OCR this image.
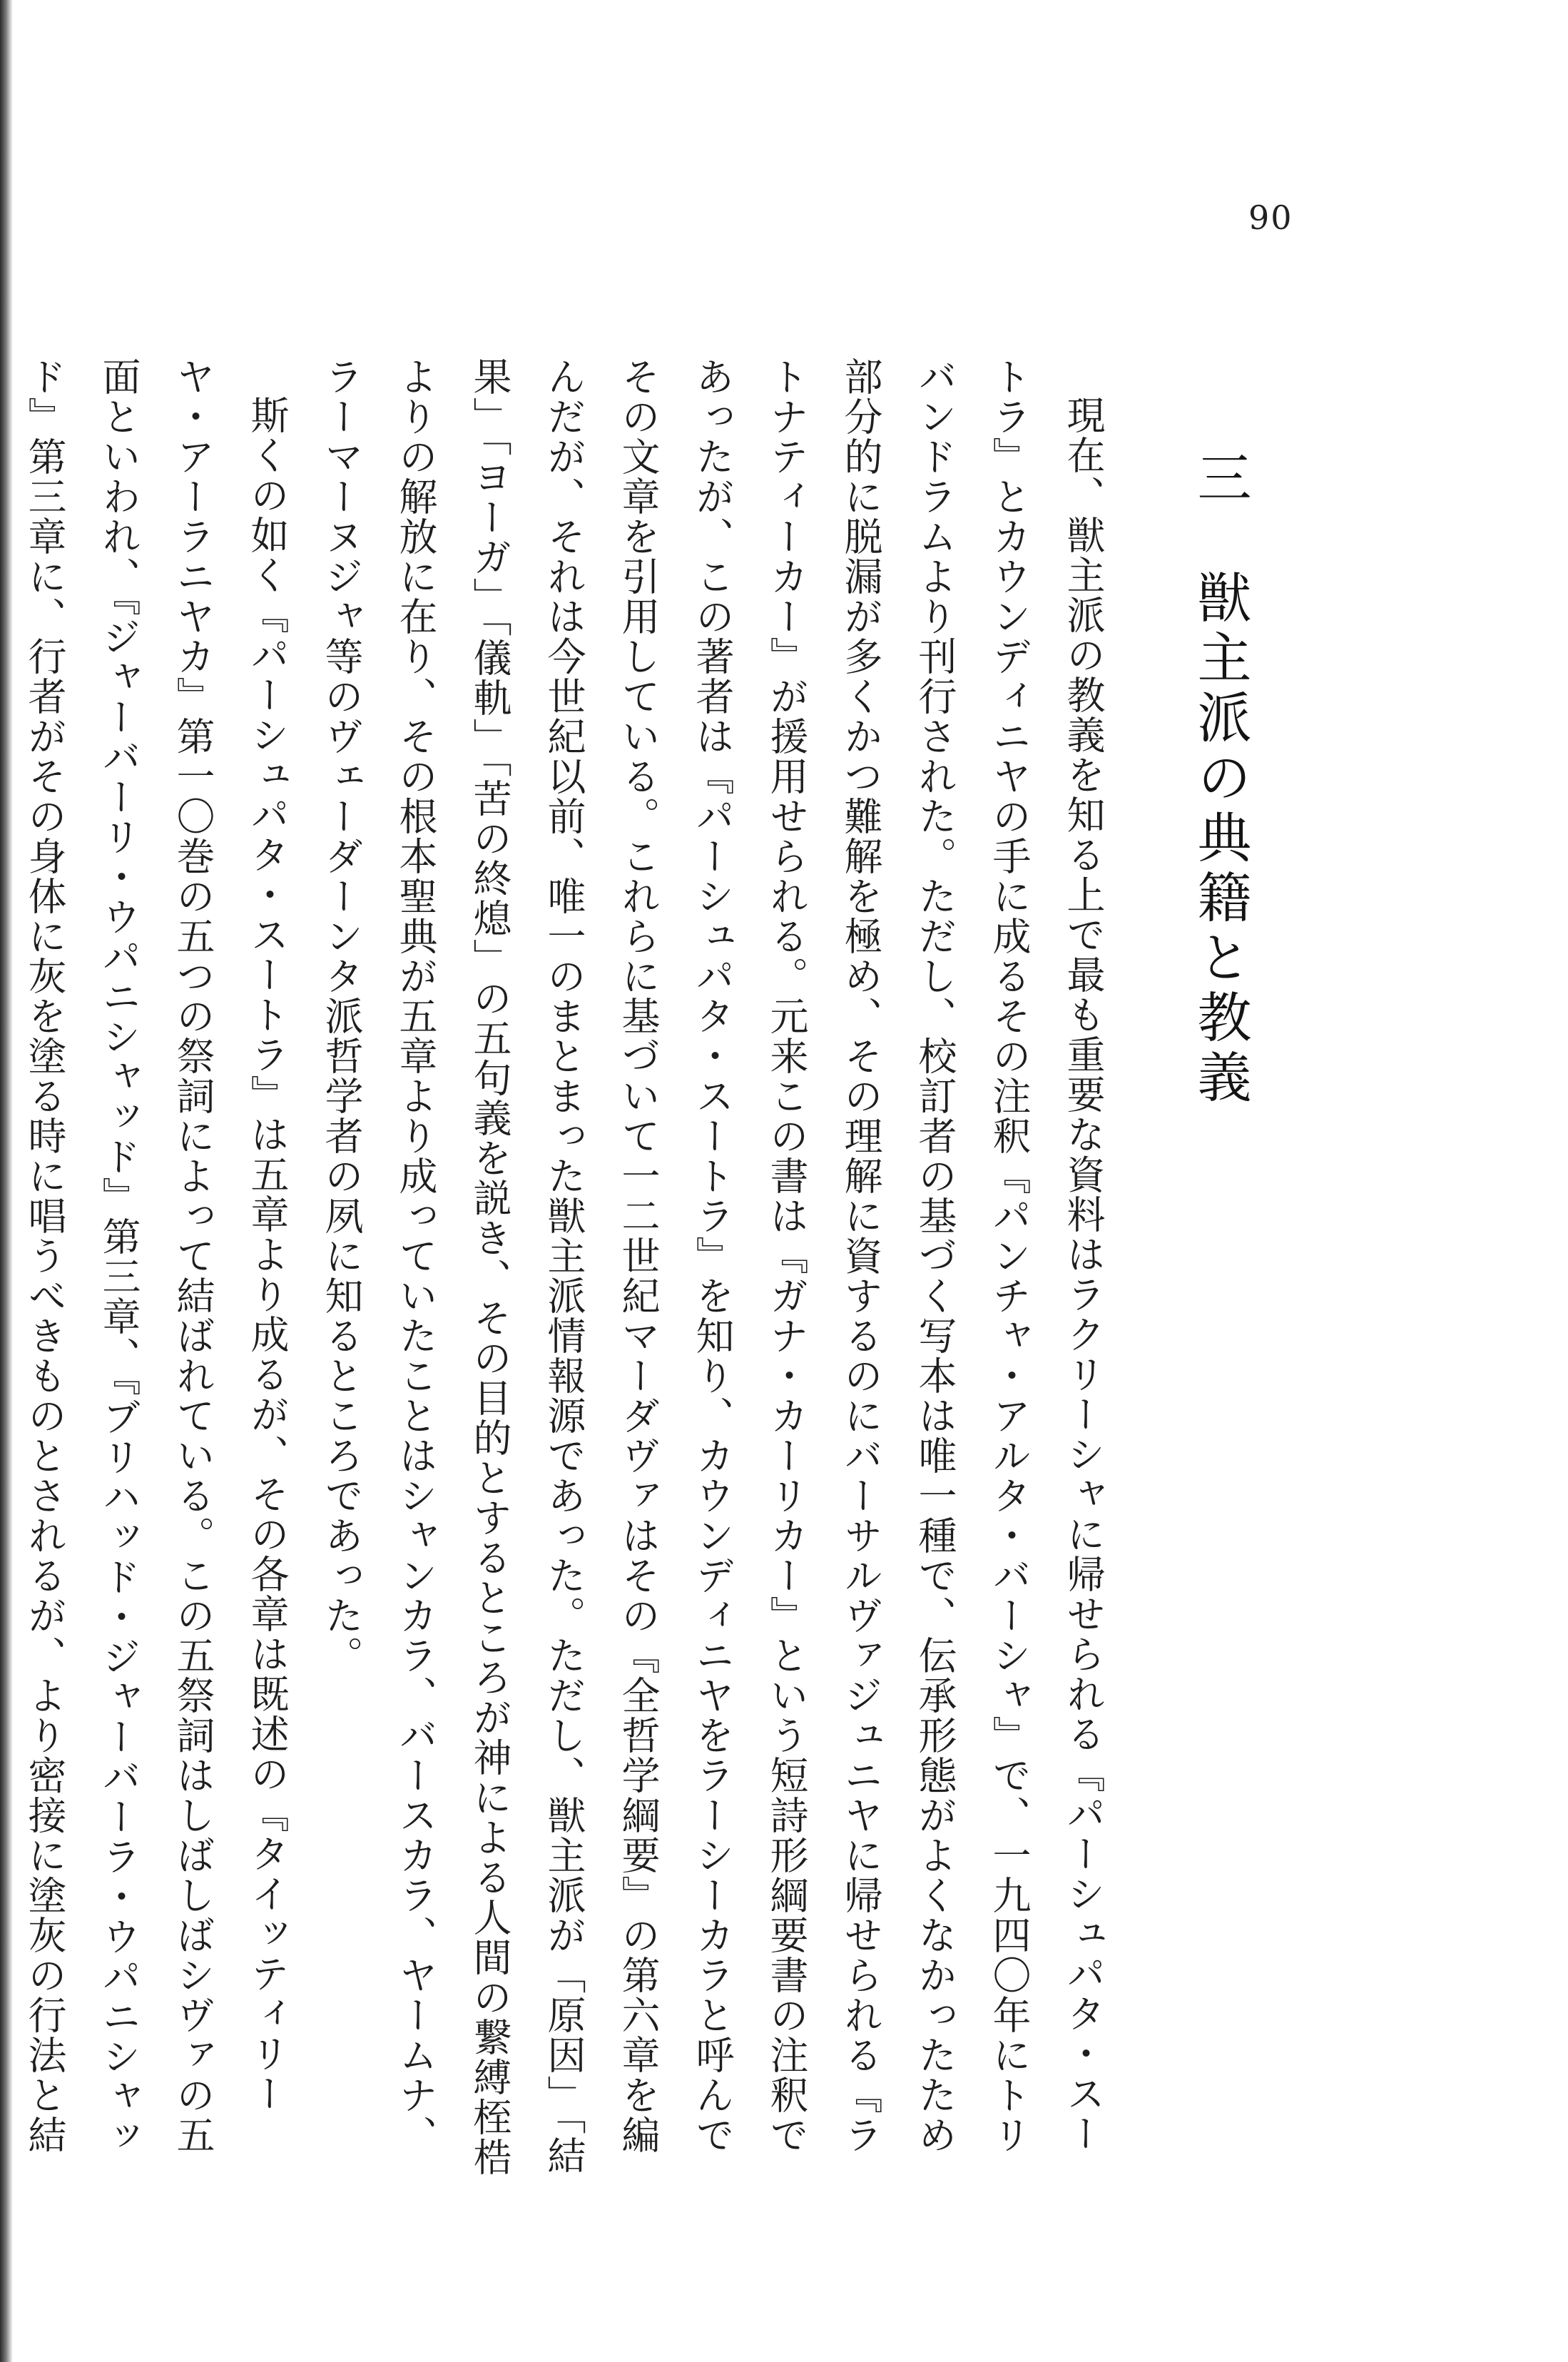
90
三　獣主派の典籍と教義

現在、獣主派の教義を知る上で最も重要な資料はラクリーシャに帰せられる『パーシュパタ・スートラ』とカウンディニヤの手に成るその注釈『パンチャ・アルタ・バーシャ』で、一九四〇年にトリバンドラムより刊行された。ただし、校訂者の基づく写本は唯一種で、伝承形態がよくなかったため部分的に脱漏が多くかつ難解を極め、その理解に資するのにバーサルヴァジュニヤに帰せられる『ラトナティーカー』が援用せられる。元来この書は『ガナ・カーリカー』という短詩形綱要書の注釈であったが、この著者は『パーシュパタ・スートラ』を知り、カウンディニヤをラーシーカラと呼んでその文章を引用している。これらに基づいて一二世紀マーダヴァはその『全哲学綱要』の第六章を編んだが、それは今世紀以前、唯一のまとまった獣主派情報源であった。ただし、獣主派が「原因」「結果」「ヨーガ」「儀軌」「苦の終熄」の五句義を説き、その目的とするところが神による人間の繋縛桎梏よりの解放に在り、その根本聖典が五章より成っていたことはシャンカラ、バースカラ、ヤームナ、ラーマーヌジャ等のヴェーダーンタ派哲学者の夙に知るところであった。

斯くの如く『パーシュパタ・スートラ』は五章より成るが、その各章は既述の『タイッティリーヤ・アーラニヤカ』第一〇巻の五つの祭詞によって結ばれている。この五祭詞はしばしばシヴァの五面といわれ、『ジャーバーリ・ウパニシャッド』第三章、『ブリハッド・ジャーバーラ・ウパニシャッド』第三章に、行者がその身体に灰を塗る時に唱うべきものとされるが、より密接に塗灰の行法と結
